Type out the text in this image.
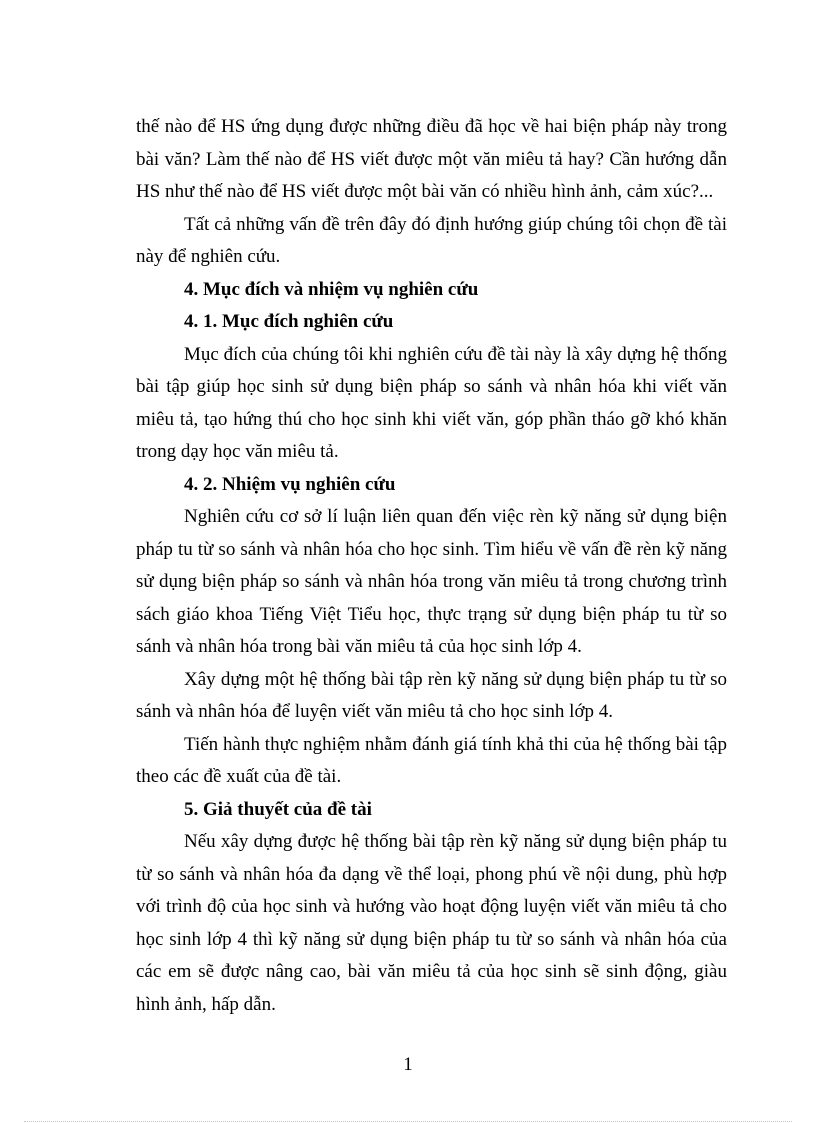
thế nào để HS ứng dụng được những điều đã học về hai biện pháp này trong bài văn? Làm thế nào để HS viết được một văn miêu tả hay? Cần hướng dẫn HS như thế nào để HS viết được một bài văn có nhiều hình ảnh, cảm xúc?...

Tất cả những vấn đề trên đây đó định hướng giúp chúng tôi chọn đề tài này để nghiên cứu.

4. Mục đích và nhiệm vụ nghiên cứu

4. 1. Mục đích nghiên cứu

Mục đích của chúng tôi khi nghiên cứu đề tài này là xây dựng hệ thống bài tập giúp học sinh sử dụng biện pháp so sánh và nhân hóa khi viết văn miêu tả, tạo hứng thú cho học sinh khi viết văn, góp phần tháo gỡ khó khăn trong dạy học văn miêu tả.

4. 2. Nhiệm vụ nghiên cứu

Nghiên cứu cơ sở lí luận liên quan đến việc rèn kỹ năng sử dụng biện pháp tu từ so sánh và nhân hóa cho học sinh. Tìm hiểu về vấn đề rèn kỹ năng sử dụng biện pháp so sánh và nhân hóa trong văn miêu tả trong chương trình sách giáo khoa Tiếng Việt Tiểu học, thực trạng sử dụng biện pháp tu từ so sánh và nhân hóa trong bài văn miêu tả của học sinh lớp 4.

Xây dựng một hệ thống bài tập rèn kỹ năng sử dụng biện pháp tu từ so sánh và nhân hóa để luyện viết văn miêu tả cho học sinh lớp 4.

Tiến hành thực nghiệm nhằm đánh giá tính khả thi của hệ thống bài tập theo các đề xuất của đề tài.

5. Giả thuyết của đề tài

Nếu xây dựng được hệ thống bài tập rèn kỹ năng sử dụng biện pháp tu từ so sánh và nhân hóa đa dạng về thể loại, phong phú về nội dung, phù hợp với trình độ của học sinh và hướng vào hoạt động luyện viết văn miêu tả cho học sinh lớp 4 thì kỹ năng sử dụng biện pháp tu từ so sánh và nhân hóa của các em sẽ được nâng cao, bài văn miêu tả của học sinh sẽ sinh động, giàu hình ảnh, hấp dẫn.

1
